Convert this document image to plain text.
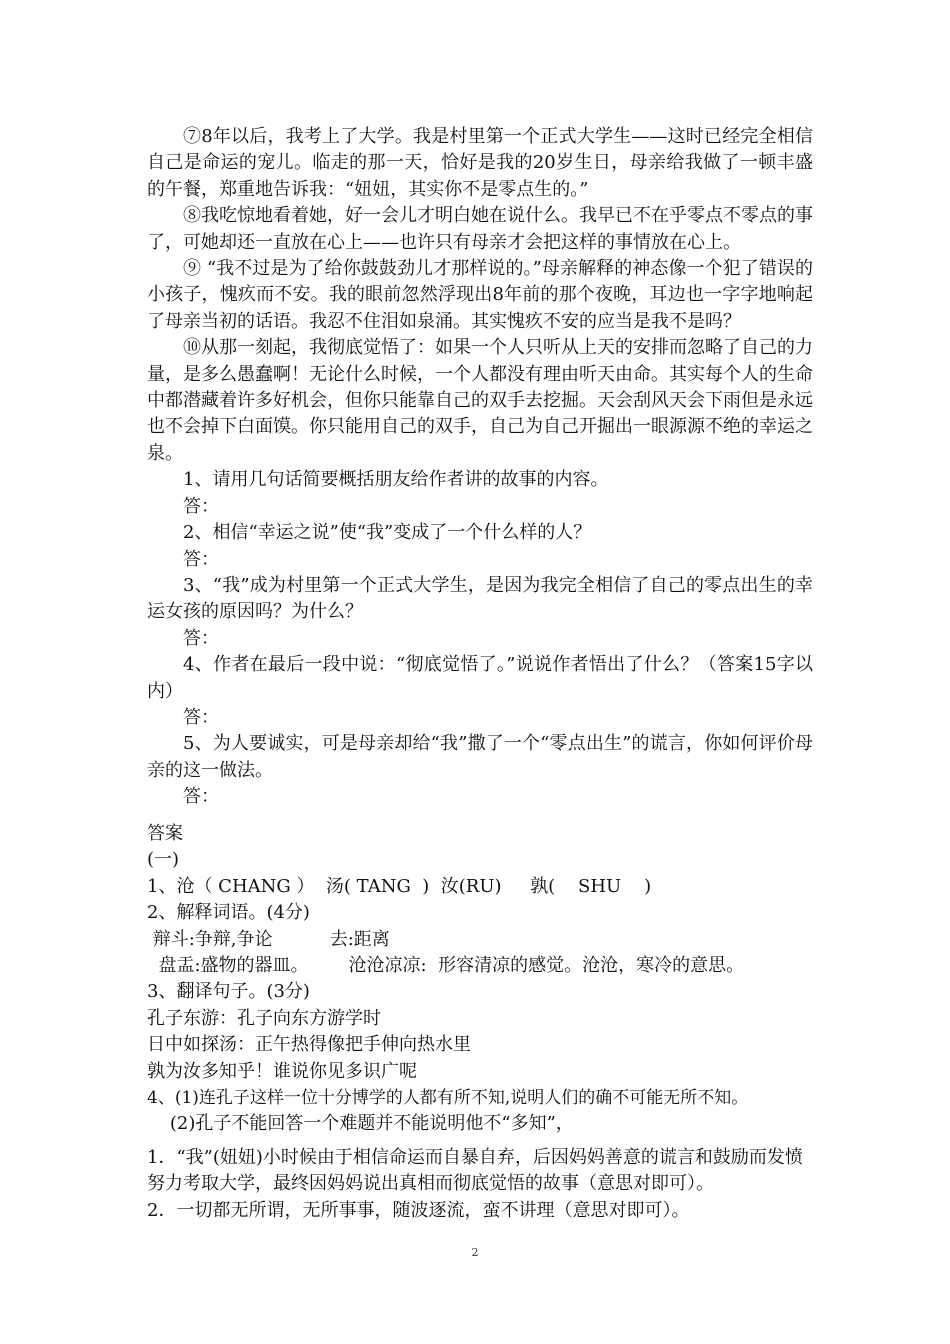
⑦8年以后，我考上了大学。我是村里第一个正式大学生——这时已经完全相信自己是命运的宠儿。临走的那一天，恰好是我的20岁生日，母亲给我做了一顿丰盛的午餐，郑重地告诉我：“妞妞，其实你不是零点生的。”

⑧我吃惊地看着她，好一会儿才明白她在说什么。我早已不在乎零点不零点的事了，可她却还一直放在心上——也许只有母亲才会把这样的事情放在心上。

⑨ “我不过是为了给你鼓鼓劲儿才那样说的。”母亲解释的神态像一个犯了错误的小孩子，愧疚而不安。我的眼前忽然浮现出8年前的那个夜晚，耳边也一字字地响起了母亲当初的话语。我忍不住泪如泉涌。其实愧疚不安的应当是我不是吗？

⑩从那一刻起，我彻底觉悟了：如果一个人只听从上天的安排而忽略了自己的力量，是多么愚蠢啊！无论什么时候，一个人都没有理由听天由命。其实每个人的生命中都潜藏着许多好机会，但你只能靠自己的双手去挖掘。天会刮风天会下雨但是永远也不会掉下白面馍。你只能用自己的双手，自己为自己开掘出一眼源源不绝的幸运之泉。

1、请用几句话简要概括朋友给作者讲的故事的内容。

答：

2、相信“幸运之说”使“我”变成了一个什么样的人？

答：

3、“我”成为村里第一个正式大学生，是因为我完全相信了自己的零点出生的幸运女孩的原因吗？为什么？

答：

4、作者在最后一段中说：“彻底觉悟了。”说说作者悟出了什么？（答案15字以内）

答：

5、为人要诚实，可是母亲却给“我”撒了一个“零点出生”的谎言，你如何评价母亲的这一做法。

答：

答案

(一)

1、沧（ CHANG ）  汤( TANG  )  汝(RU)     孰(    SHU    )

2、解释词语。(4分)

辩斗:争辩,争论          去:距离

盘盂:盛物的器皿。       沧沧凉凉:  形容清凉的感觉。沧沧，寒冷的意思。

3、翻译句子。(3分)

孔子东游：孔子向东方游学时

日中如探汤：正午热得像把手伸向热水里

孰为汝多知乎！谁说你见多识广呢

4、(1)连孔子这样一位十分博学的人都有所不知,说明人们的确不可能无所不知。

(2)孔子不能回答一个难题并不能说明他不“多知”，

1．“我”(妞妞)小时候由于相信命运而自暴自弃，后因妈妈善意的谎言和鼓励而发愤努力考取大学，最终因妈妈说出真相而彻底觉悟的故事（意思对即可）。

2．一切都无所谓，无所事事，随波逐流，蛮不讲理（意思对即可）。

2
